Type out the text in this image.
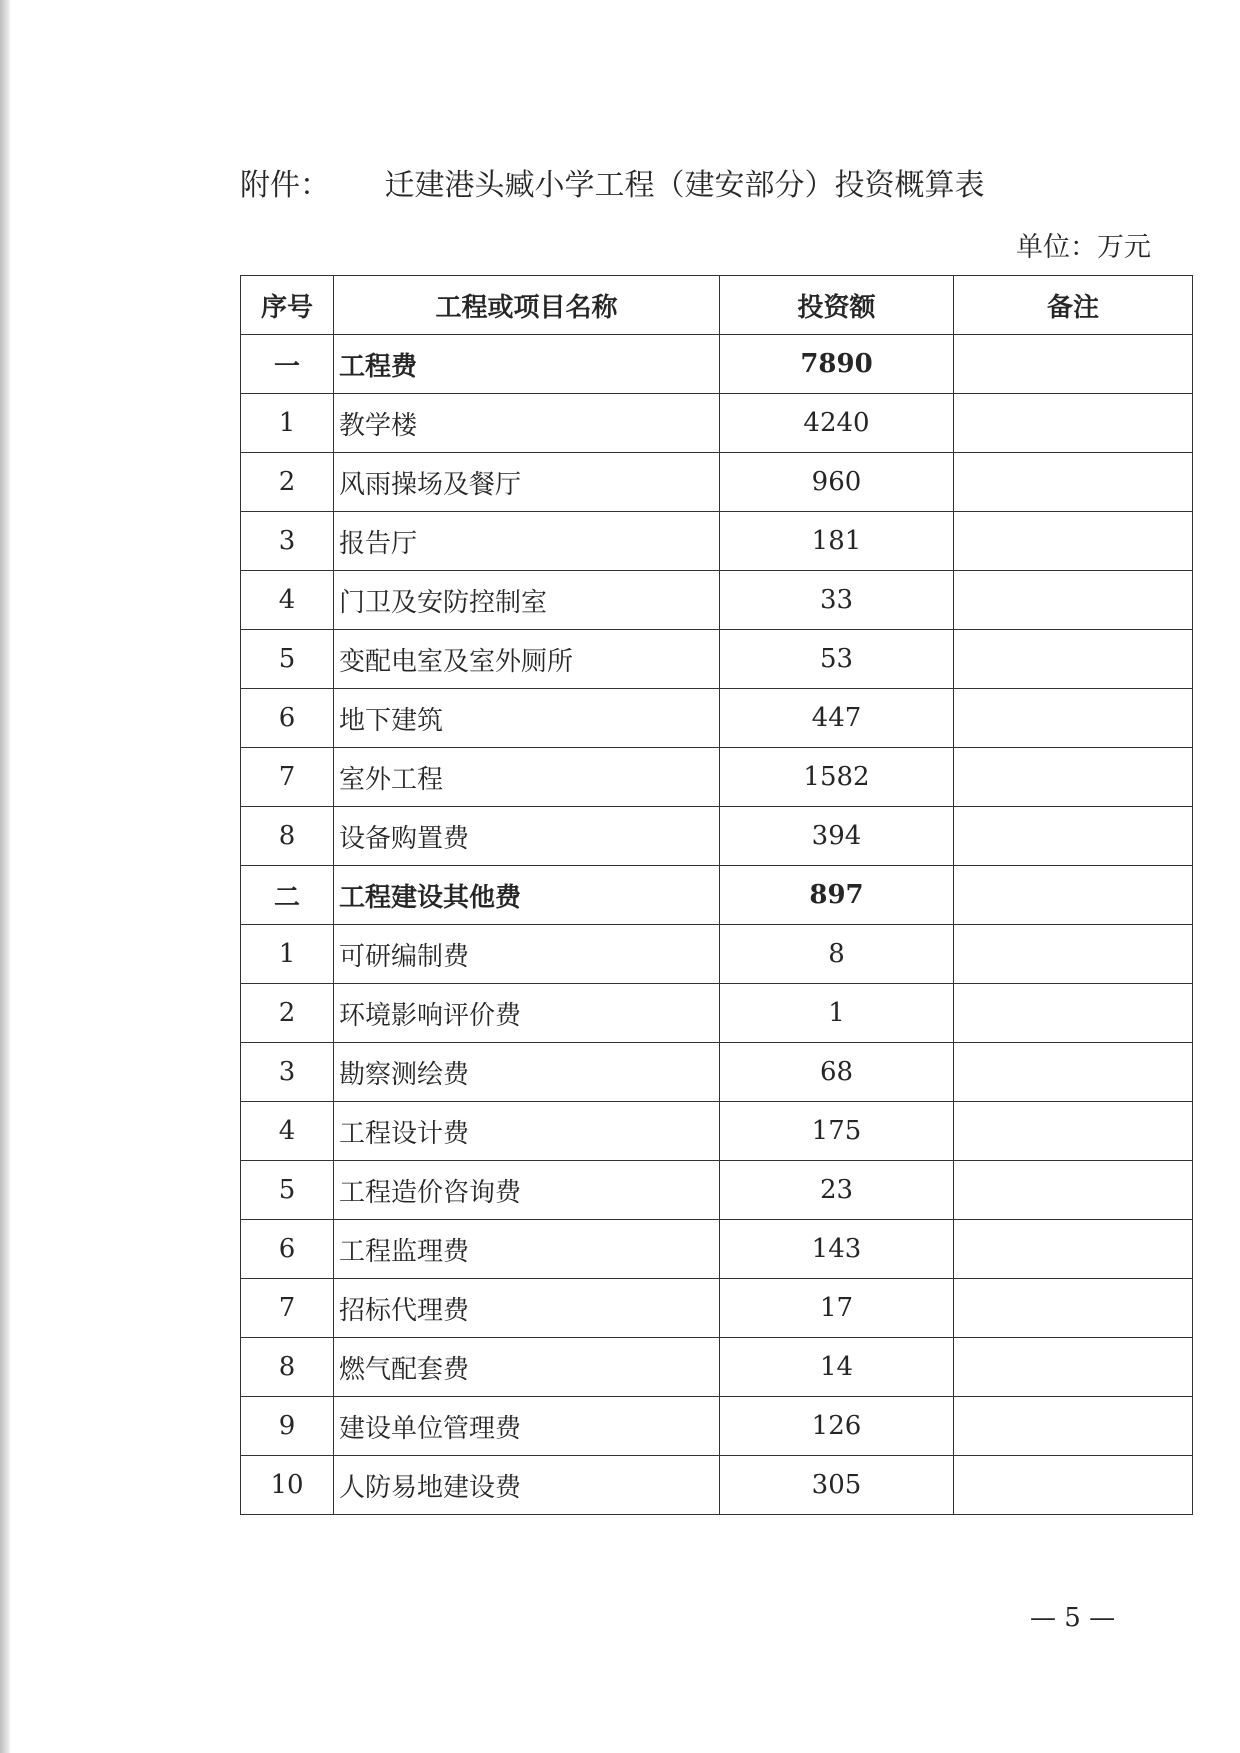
附件： 迁建港头臧小学工程（建安部分）投资概算表
单位：万元
序号	工程或项目名称	投资额	备注
一	工程费	7890	
1	教学楼	4240	
2	风雨操场及餐厅	960	
3	报告厅	181	
4	门卫及安防控制室	33	
5	变配电室及室外厕所	53	
6	地下建筑	447	
7	室外工程	1582	
8	设备购置费	394	
二	工程建设其他费	897	
1	可研编制费	8	
2	环境影响评价费	1	
3	勘察测绘费	68	
4	工程设计费	175	
5	工程造价咨询费	23	
6	工程监理费	143	
7	招标代理费	17	
8	燃气配套费	14	
9	建设单位管理费	126	
10	人防易地建设费	305	
— 5 —
